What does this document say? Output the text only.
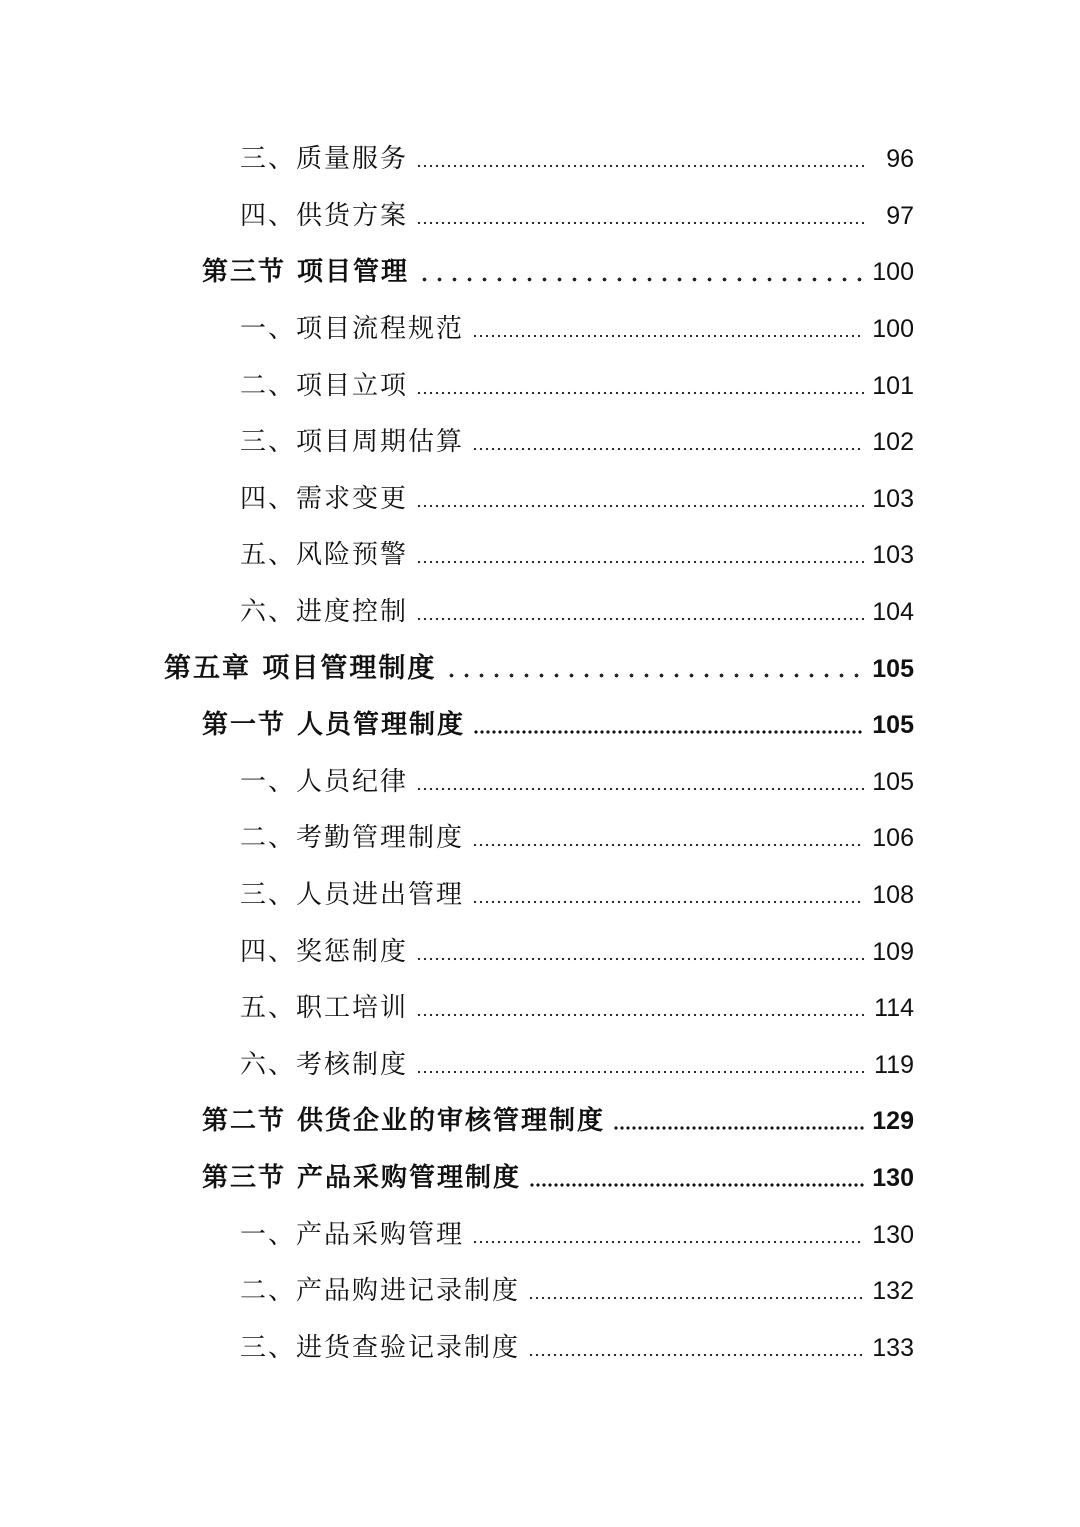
三、质量服务	96
四、供货方案	97
第三节 项目管理	100
一、项目流程规范	100
二、项目立项	101
三、项目周期估算	102
四、需求变更	103
五、风险预警	103
六、进度控制	104
第五章 项目管理制度	105
第一节 人员管理制度	105
一、人员纪律	105
二、考勤管理制度	106
三、人员进出管理	108
四、奖惩制度	109
五、职工培训	114
六、考核制度	119
第二节 供货企业的审核管理制度	129
第三节 产品采购管理制度	130
一、产品采购管理	130
二、产品购进记录制度	132
三、进货查验记录制度	133
